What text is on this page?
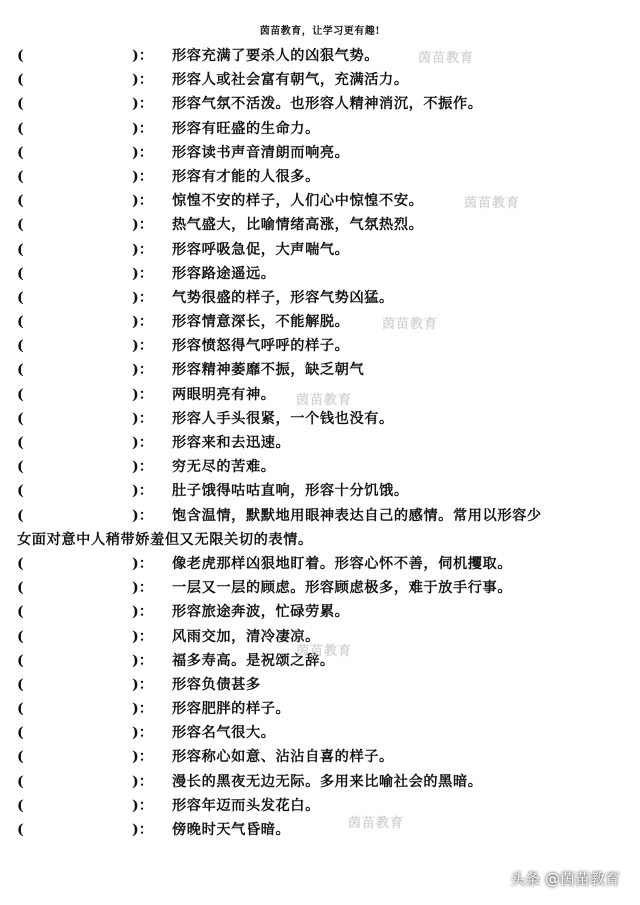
茵苗教育，让学习更有趣!
(	)：	形容充满了要杀人的凶狠气势。
(	)：	形容人或社会富有朝气，充满活力。
(	)：	形容气氛不活泼。也形容人精神消沉，不振作。
(	)：	形容有旺盛的生命力。
(	)：	形容读书声音清朗而响亮。
(	)：	形容有才能的人很多。
(	)：	惊惶不安的样子，人们心中惊惶不安。
(	)：	热气盛大，比喻情绪高涨，气氛热烈。
(	)：	形容呼吸急促，大声喘气。
(	)：	形容路途遥远。
(	)：	气势很盛的样子，形容气势凶猛。
(	)：	形容情意深长，不能解脱。
(	)：	形容愤怒得气呼呼的样子。
(	)：	形容精神萎靡不振，缺乏朝气
(	)：	两眼明亮有神。
(	)：	形容人手头很紧，一个钱也没有。
(	)：	形容来和去迅速。
(	)：	穷无尽的苦难。
(	)：	肚子饿得咕咕直响，形容十分饥饿。
(	)：	饱含温情，默默地用眼神表达自己的感情。常用以形容少
女面对意中人稍带娇羞但又无限关切的表情。
(	)：	像老虎那样凶狠地盯着。形容心怀不善，伺机攫取。
(	)：	一层又一层的顾虑。形容顾虑极多，难于放手行事。
(	)：	形容旅途奔波，忙碌劳累。
(	)：	风雨交加，清冷凄凉。
(	)：	福多寿高。是祝颂之辞。
(	)：	形容负债甚多
(	)：	形容肥胖的样子。
(	)：	形容名气很大。
(	)：	形容称心如意、沾沾自喜的样子。
(	)：	漫长的黑夜无边无际。多用来比喻社会的黑暗。
(	)：	形容年迈而头发花白。
(	)：	傍晚时天气昏暗。
茵苗教育
茵苗教育
茵苗教育
茵苗教育
茵苗教育
茵苗教育
头条 @茵苗教育
